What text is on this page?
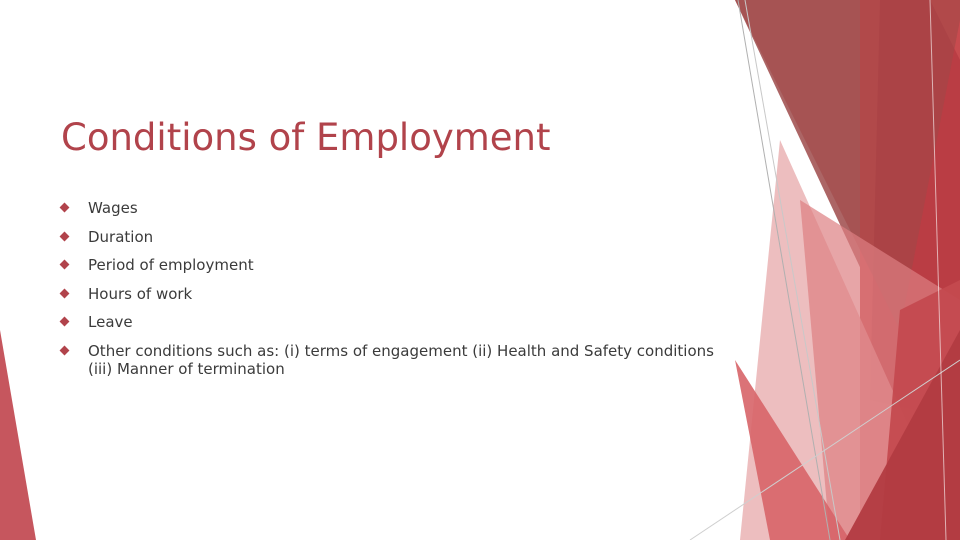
Conditions of Employment
Wages
Duration
Period of employment
Hours of work
Leave
Other conditions such as: (i) terms of engagement (ii) Health and Safety conditions (iii) Manner of termination
